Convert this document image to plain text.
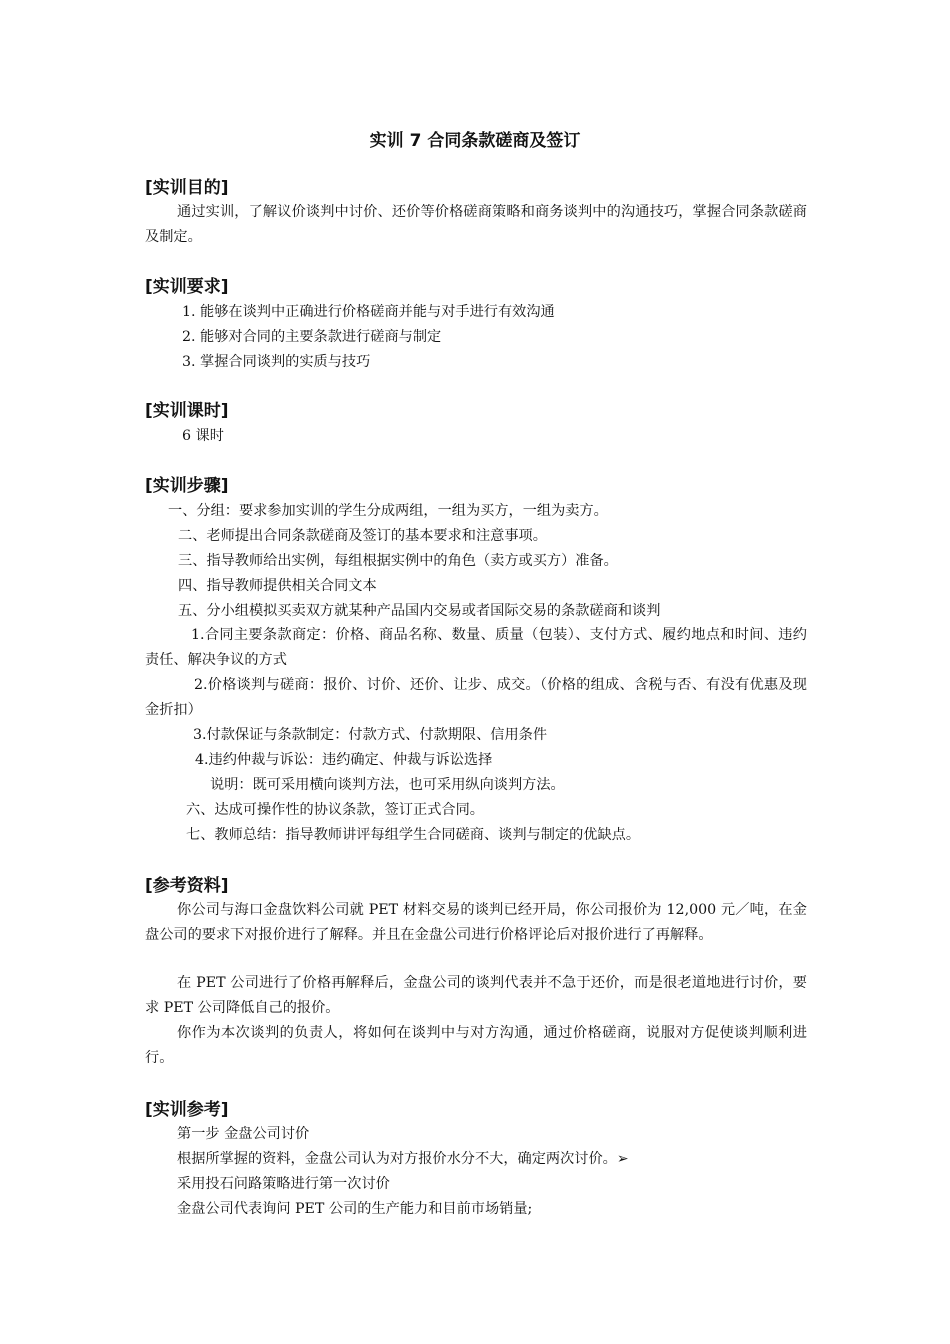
实训 7 合同条款磋商及签订
[实训目的]
通过实训，了解议价谈判中讨价、还价等价格磋商策略和商务谈判中的沟通技巧，掌握合同条款磋商及制定。
[实训要求]
1. 能够在谈判中正确进行价格磋商并能与对手进行有效沟通
2. 能够对合同的主要条款进行磋商与制定
3. 掌握合同谈判的实质与技巧
[实训课时]
6 课时
[实训步骤]
一、分组：要求参加实训的学生分成两组，一组为买方，一组为卖方。
二、老师提出合同条款磋商及签订的基本要求和注意事项。
三、指导教师给出实例，每组根据实例中的角色（卖方或买方）准备。
四、指导教师提供相关合同文本
五、分小组模拟买卖双方就某种产品国内交易或者国际交易的条款磋商和谈判
1.合同主要条款商定：价格、商品名称、数量、质量（包装）、支付方式、履约地点和时间、违约责任、解决争议的方式
2.价格谈判与磋商：报价、讨价、还价、让步、成交。（价格的组成、含税与否、有没有优惠及现金折扣）
3.付款保证与条款制定：付款方式、付款期限、信用条件
4.违约仲裁与诉讼：违约确定、仲裁与诉讼选择
说明：既可采用横向谈判方法，也可采用纵向谈判方法。
六、达成可操作性的协议条款，签订正式合同。
七、教师总结：指导教师讲评每组学生合同磋商、谈判与制定的优缺点。
[参考资料]
你公司与海口金盘饮料公司就 PET 材料交易的谈判已经开局，你公司报价为 12,000 元／吨，在金盘公司的要求下对报价进行了解释。并且在金盘公司进行价格评论后对报价进行了再解释。
在 PET 公司进行了价格再解释后，金盘公司的谈判代表并不急于还价，而是很老道地进行讨价，要求 PET 公司降低自己的报价。
你作为本次谈判的负责人，将如何在谈判中与对方沟通，通过价格磋商，说服对方促使谈判顺利进行。
[实训参考]
第一步 金盘公司讨价
根据所掌握的资料，金盘公司认为对方报价水分不大，确定两次讨价。➢
采用投石问路策略进行第一次讨价
金盘公司代表询问 PET 公司的生产能力和目前市场销量;
